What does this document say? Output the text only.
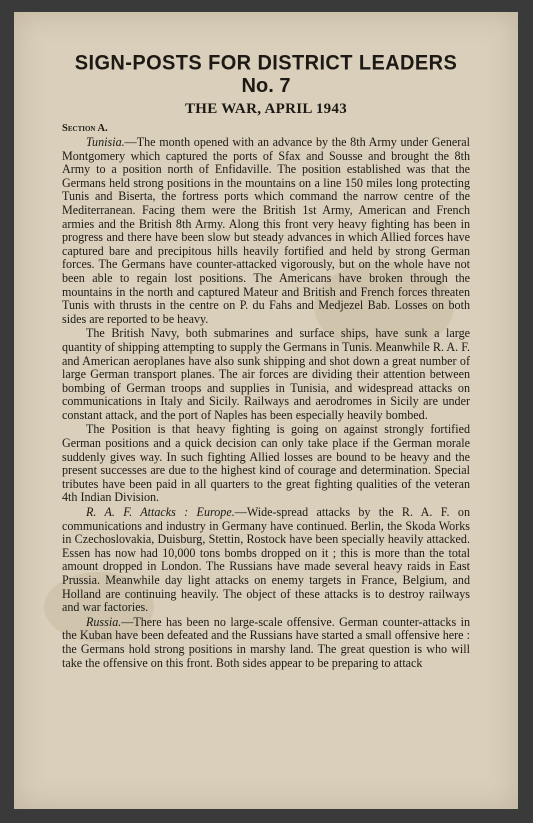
SIGN-POSTS FOR DISTRICT LEADERS
No. 7
THE WAR, APRIL 1943
Section A.

Tunisia.—The month opened with an advance by the 8th Army under General Montgomery which captured the ports of Sfax and Sousse and brought the 8th Army to a position north of Enfidaville. The position established was that the Germans held strong positions in the mountains on a line 150 miles long protecting Tunis and Biserta, the fortress ports which command the narrow centre of the Mediterranean. Facing them were the British 1st Army, American and French armies and the British 8th Army. Along this front very heavy fighting has been in progress and there have been slow but steady advances in which Allied forces have captured bare and precipitous hills heavily fortified and held by strong German forces. The Germans have counter-attacked vigorously, but on the whole have not been able to regain lost positions. The Americans have broken through the mountains in the north and captured Mateur and British and French forces threaten Tunis with thrusts in the centre on P. du Fahs and Medjezel Bab. Losses on both sides are reported to be heavy.

The British Navy, both submarines and surface ships, have sunk a large quantity of shipping attempting to supply the Germans in Tunis. Meanwhile R. A. F. and American aeroplanes have also sunk shipping and shot down a great number of large German transport planes. The air forces are dividing their attention between bombing of German troops and supplies in Tunisia, and widespread attacks on communications in Italy and Sicily. Railways and aerodromes in Sicily are under constant attack, and the port of Naples has been especially heavily bombed.

The Position is that heavy fighting is going on against strongly fortified German positions and a quick decision can only take place if the German morale suddenly gives way. In such fighting Allied losses are bound to be heavy and the present successes are due to the highest kind of courage and determination. Special tributes have been paid in all quarters to the great fighting qualities of the veteran 4th Indian Division.

R. A. F. Attacks : Europe.—Wide-spread attacks by the R. A. F. on communications and industry in Germany have continued. Berlin, the Skoda Works in Czechoslovakia, Duisburg, Stettin, Rostock have been specially heavily attacked. Essen has now had 10,000 tons bombs dropped on it ; this is more than the total amount dropped in London. The Russians have made several heavy raids in East Prussia. Meanwhile day light attacks on enemy targets in France, Belgium, and Holland are continuing heavily. The object of these attacks is to destroy railways and war factories.

Russia.—There has been no large-scale offensive. German counter-attacks in the Kuban have been defeated and the Russians have started a small offensive here : the Germans hold strong positions in marshy land. The great question is who will take the offensive on this front. Both sides appear to be preparing to attack
